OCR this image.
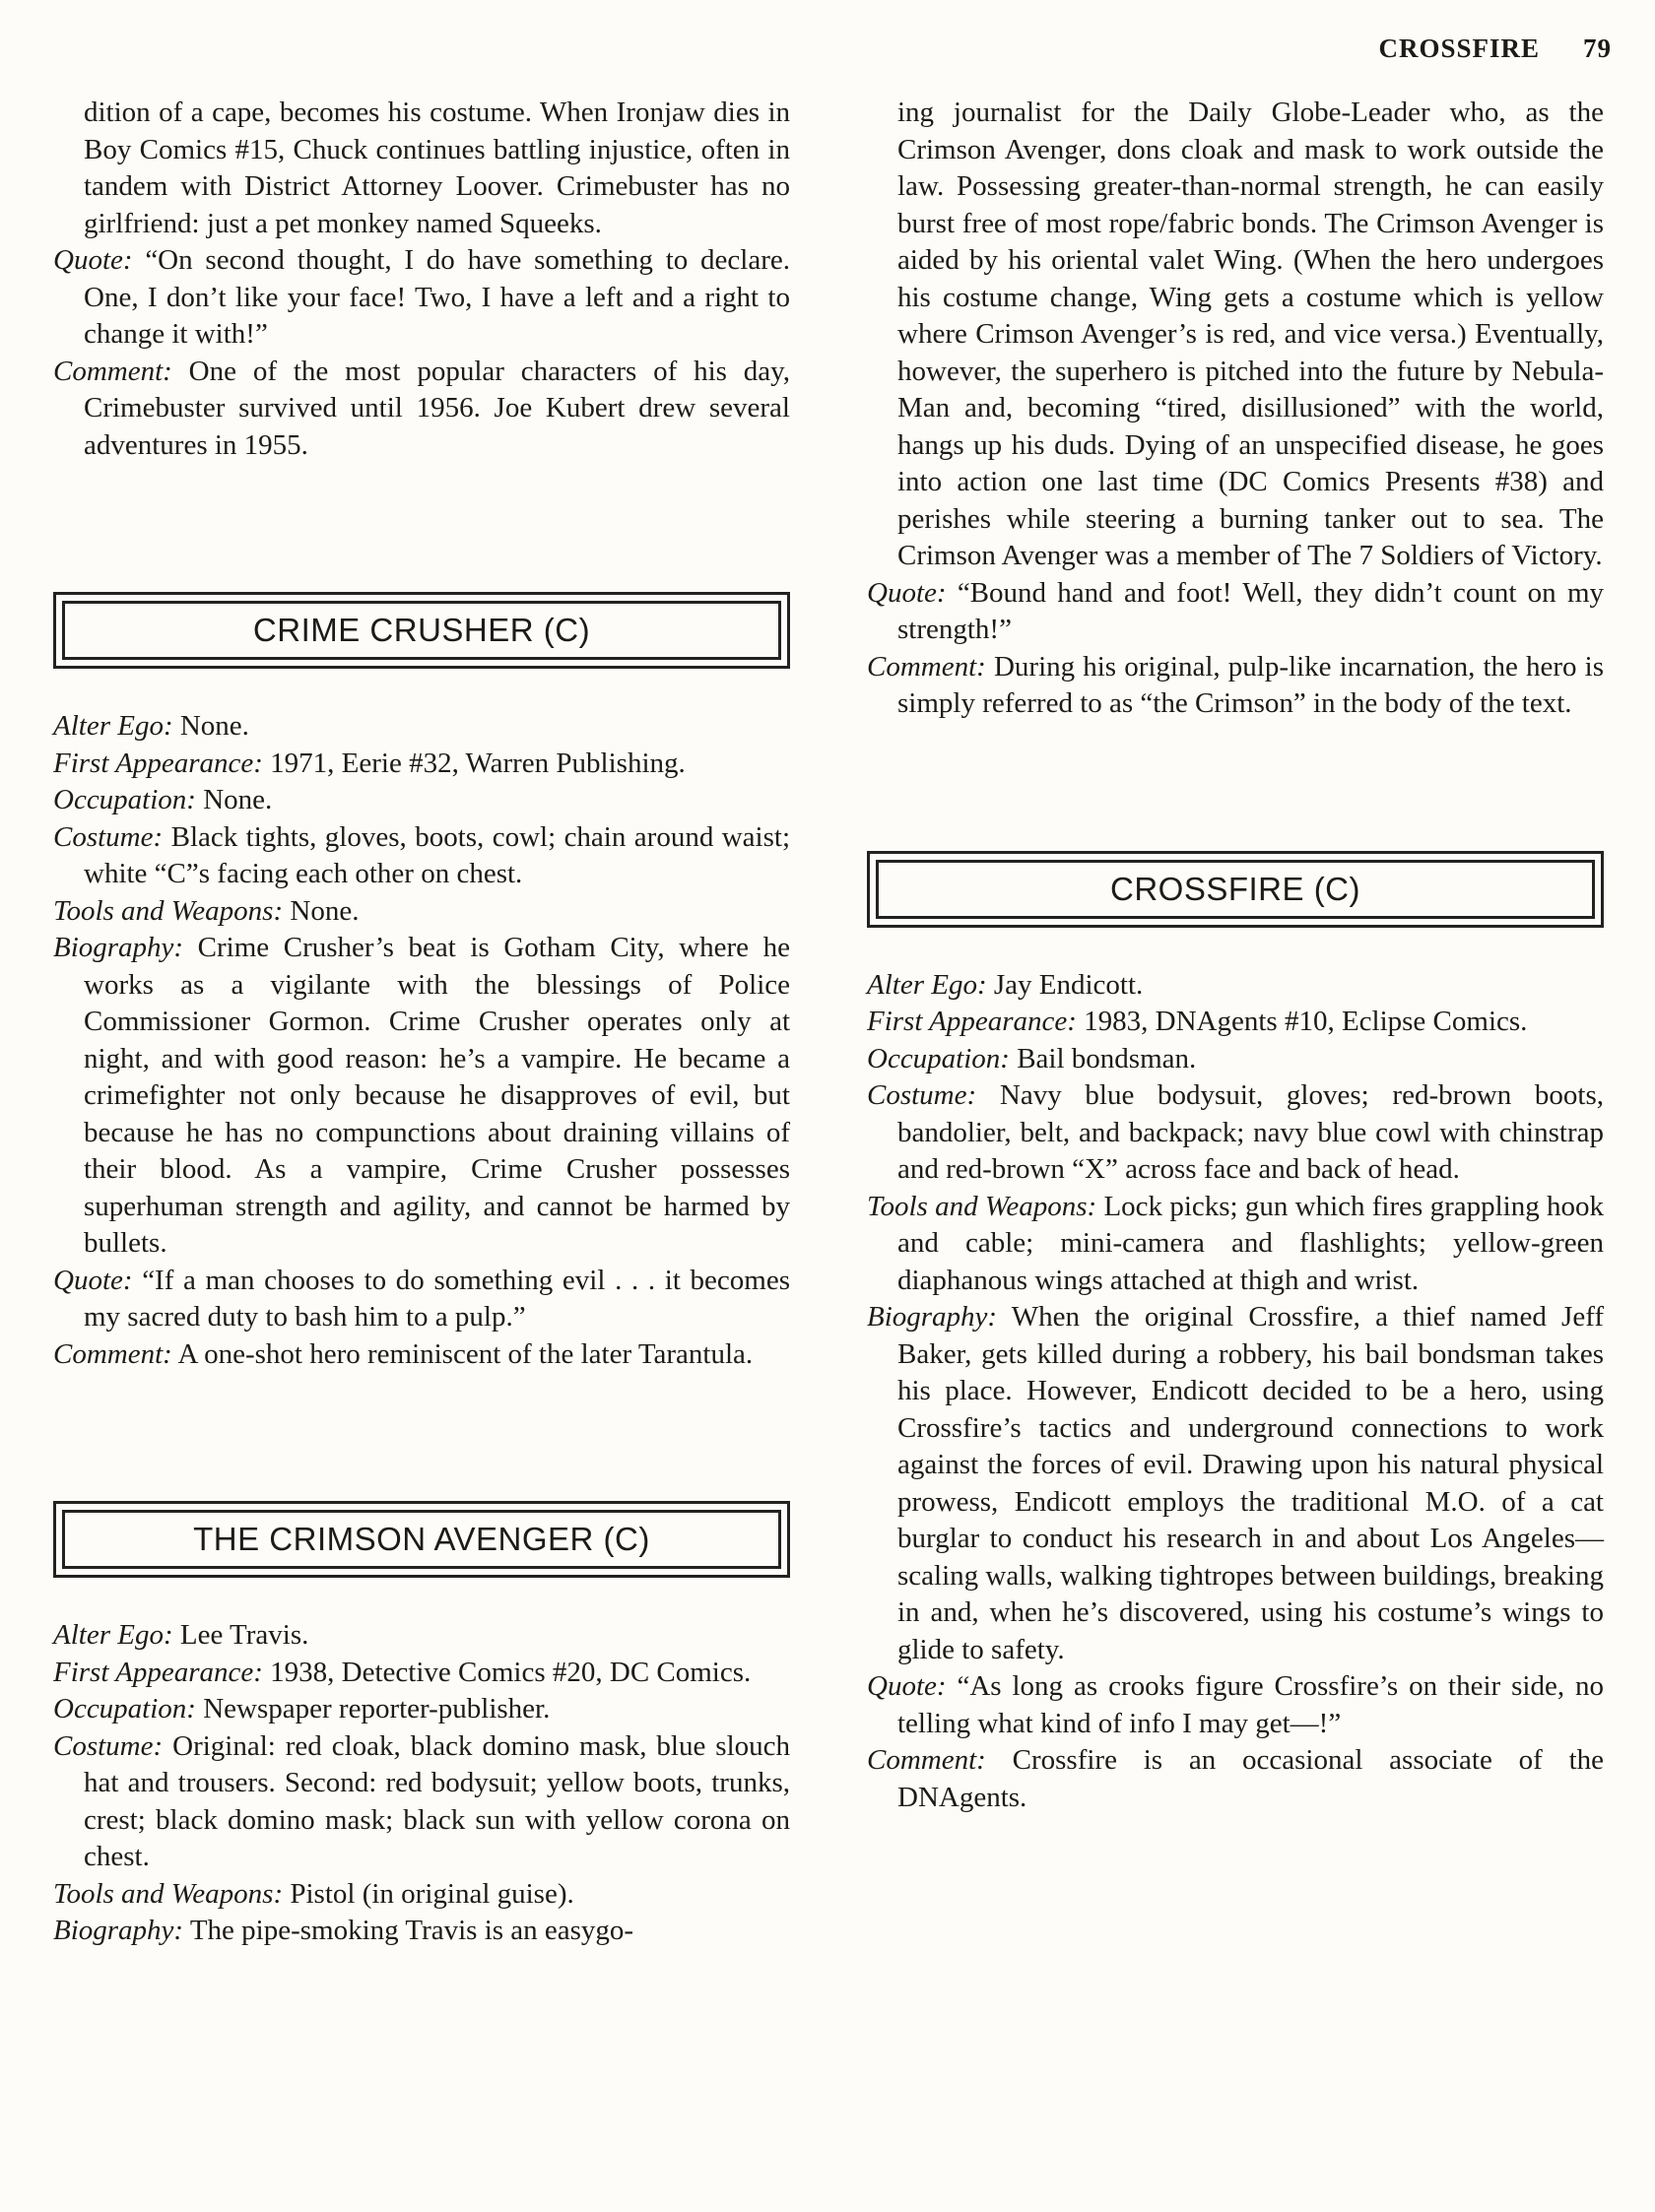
CROSSFIRE 79

dition of a cape, becomes his costume. When Ironjaw dies in Boy Comics #15, Chuck continues battling injustice, often in tandem with District Attorney Loover. Crimebuster has no girlfriend: just a pet monkey named Squeeks.

Quote: “On second thought, I do have something to declare. One, I don’t like your face! Two, I have a left and a right to change it with!”

Comment: One of the most popular characters of his day, Crimebuster survived until 1956. Joe Kubert drew several adventures in 1955.

CRIME CRUSHER (C)

Alter Ego: None.

First Appearance: 1971, Eerie #32, Warren Publishing.

Occupation: None.

Costume: Black tights, gloves, boots, cowl; chain around waist; white “C”s facing each other on chest.

Tools and Weapons: None.

Biography: Crime Crusher’s beat is Gotham City, where he works as a vigilante with the blessings of Police Commissioner Gormon. Crime Crusher operates only at night, and with good reason: he’s a vampire. He became a crimefighter not only because he disapproves of evil, but because he has no compunctions about draining villains of their blood. As a vampire, Crime Crusher possesses superhuman strength and agility, and cannot be harmed by bullets.

Quote: “If a man chooses to do something evil . . . it becomes my sacred duty to bash him to a pulp.”

Comment: A one-shot hero reminiscent of the later Tarantula.

THE CRIMSON AVENGER (C)

Alter Ego: Lee Travis.

First Appearance: 1938, Detective Comics #20, DC Comics.

Occupation: Newspaper reporter-publisher.

Costume: Original: red cloak, black domino mask, blue slouch hat and trousers. Second: red bodysuit; yellow boots, trunks, crest; black domino mask; black sun with yellow corona on chest.

Tools and Weapons: Pistol (in original guise).

Biography: The pipe-smoking Travis is an easygo-

ing journalist for the Daily Globe-Leader who, as the Crimson Avenger, dons cloak and mask to work outside the law. Possessing greater-than-normal strength, he can easily burst free of most rope/fabric bonds. The Crimson Avenger is aided by his oriental valet Wing. (When the hero undergoes his costume change, Wing gets a costume which is yellow where Crimson Avenger’s is red, and vice versa.) Eventually, however, the superhero is pitched into the future by Nebula-Man and, becoming “tired, disillusioned” with the world, hangs up his duds. Dying of an unspecified disease, he goes into action one last time (DC Comics Presents #38) and perishes while steering a burning tanker out to sea. The Crimson Avenger was a member of The 7 Soldiers of Victory.

Quote: “Bound hand and foot! Well, they didn’t count on my strength!”

Comment: During his original, pulp-like incarnation, the hero is simply referred to as “the Crimson” in the body of the text.

CROSSFIRE (C)

Alter Ego: Jay Endicott.

First Appearance: 1983, DNAgents #10, Eclipse Comics.

Occupation: Bail bondsman.

Costume: Navy blue bodysuit, gloves; red-brown boots, bandolier, belt, and backpack; navy blue cowl with chinstrap and red-brown “X” across face and back of head.

Tools and Weapons: Lock picks; gun which fires grappling hook and cable; mini-camera and flashlights; yellow-green diaphanous wings attached at thigh and wrist.

Biography: When the original Crossfire, a thief named Jeff Baker, gets killed during a robbery, his bail bondsman takes his place. However, Endicott decided to be a hero, using Crossfire’s tactics and underground connections to work against the forces of evil. Drawing upon his natural physical prowess, Endicott employs the traditional M.O. of a cat burglar to conduct his research in and about Los Angeles—scaling walls, walking tightropes between buildings, breaking in and, when he’s discovered, using his costume’s wings to glide to safety.

Quote: “As long as crooks figure Crossfire’s on their side, no telling what kind of info I may get—!”

Comment: Crossfire is an occasional associate of the DNAgents.
